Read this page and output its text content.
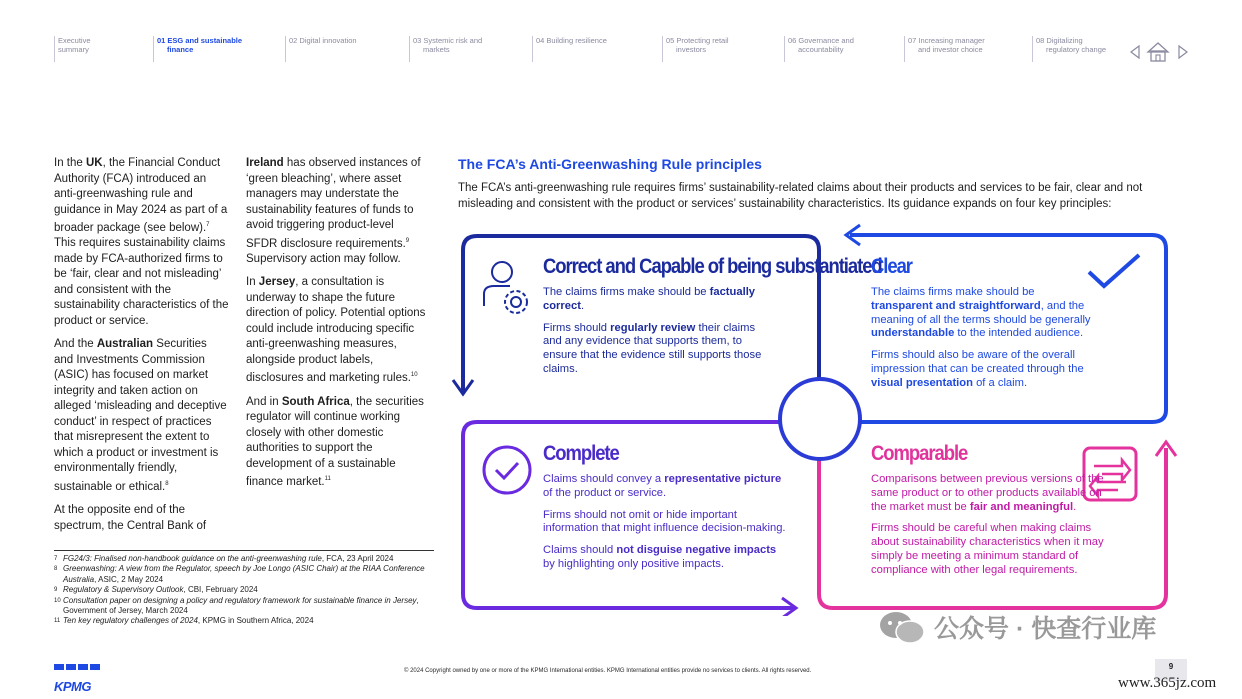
Executive
summary
01 ESG and sustainable
finance
02 Digital innovation	03 Systemic risk and
markets
04 Building resilience	05 Protecting retail
investors
06 Governance and
accountability
07 Increasing manager
and investor choice
08 Digitalizing
regulatory change

In the UK, the Financial Conduct Authority (FCA) introduced an anti-greenwashing rule and guidance in May 2024 as part of a broader package (see below).$^7$ This requires sustainability claims made by FCA-authorized firms to be ‘fair, clear and not misleading’ and consistent with the sustainability characteristics of the product or service.

And the Australian Securities and Investments Commission (ASIC) has focused on market integrity and taken action on alleged ‘misleading and deceptive conduct’ in respect of practices that misrepresent the extent to which a product or investment is environmentally friendly, sustainable or ethical.$^8$

At the opposite end of the spectrum, the Central Bank of

Ireland has observed instances of ‘green bleaching’, where asset managers may understate the sustainability features of funds to avoid triggering product-level SFDR disclosure requirements.$^9$ Supervisory action may follow.

In Jersey, a consultation is underway to shape the future direction of policy. Potential options could include introducing specific anti-greenwashing measures, alongside product labels, disclosures and marketing rules.$^{10}$

And in South Africa, the securities regulator will continue working closely with other domestic authorities to support the development of a sustainable finance market.$^{11}$

7 FG24/3: Finalised non-handbook guidance on the anti-greenwashing rule, FCA, 23 April 2024
8 Greenwashing: A view from the Regulator, speech by Joe Longo (ASIC Chair) at the RIAA Conference Australia, ASIC, 2 May 2024
9 Regulatory & Supervisory Outlook, CBI, February 2024
10 Consultation paper on designing a policy and regulatory framework for sustainable finance in Jersey, Government of Jersey, March 2024
11 Ten key regulatory challenges of 2024, KPMG in Southern Africa, 2024
The FCA’s Anti-Greenwashing Rule principles
The FCA’s anti-greenwashing rule requires firms’ sustainability-related claims about their products and services to be fair, clear and not misleading and consistent with the product or services’ sustainability characteristics. Its guidance expands on four key principles:
Correct and Capable of being substantiated

The claims firms make should be factually correct.

Firms should regularly review their claims and any evidence that supports them, to ensure that the evidence still supports those claims.

Clear

The claims firms make should be transparent and straightforward, and the meaning of all the terms should be generally understandable to the intended audience.

Firms should also be aware of the overall impression that can be created through the visual presentation of a claim.

Complete

Claims should convey a representative picture of the product or service.

Firms should not omit or hide important information that might influence decision-making.

Claims should not disguise negative impacts by highlighting only positive impacts.

Comparable

Comparisons between previous versions of the same product or to other products available on the market must be fair and meaningful.

Firms should be careful when making claims about sustainability characteristics when it may simply be meeting a minimum standard of compliance with other legal requirements.

KPMG
© 2024 Copyright owned by one or more of the KPMG International entities. KPMG International entities provide no services to clients. All rights reserved.	9
公众号 · 快查行业库
www.365jz.com
